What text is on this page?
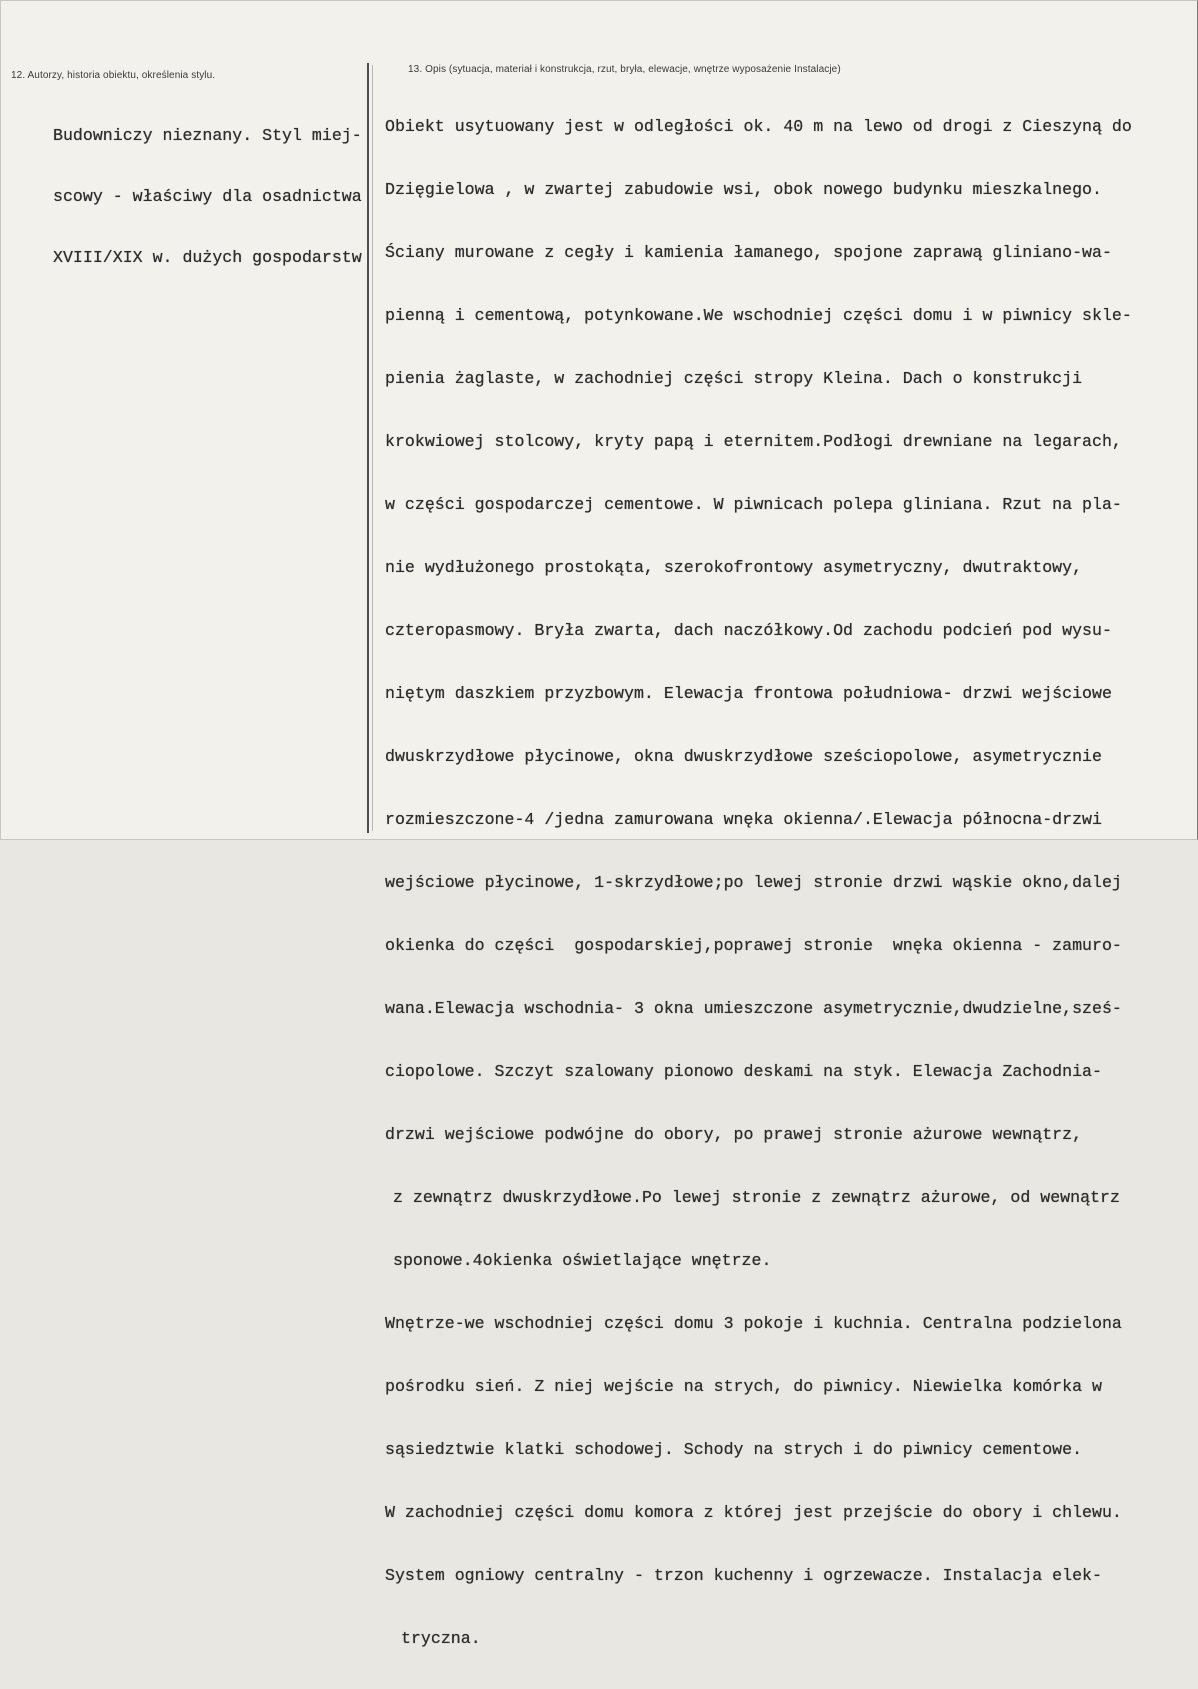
12. Autorzy, historia obiektu, określenia stylu.
13. Opis (sytuacja, materiał i konstrukcja, rzut, bryła, elewacje, wnętrze wyposażenie Instalacje)

Budowniczy nieznany. Styl miej-

scowy - właściwy dla osadnictwa

XVIII/XIX w. dużych gospodarstw

Obiekt usytuowany jest w odległości ok. 40 m na lewo od drogi z Cieszyną do

Dzięgielowa , w zwartej zabudowie wsi, obok nowego budynku mieszkalnego.

Ściany murowane z cegły i kamienia łamanego, spojone zaprawą gliniano-wa-

pienną i cementową, potynkowane.We wschodniej części domu i w piwnicy skle-

pienia żaglaste, w zachodniej części stropy Kleina. Dach o konstrukcji

krokwiowej stolcowy, kryty papą i eternitem.Podłogi drewniane na legarach,

w części gospodarczej cementowe. W piwnicach polepa gliniana. Rzut na pla-

nie wydłużonego prostokąta, szerokofrontowy asymetryczny, dwutraktowy,

czteropasmowy. Bryła zwarta, dach naczółkowy.Od zachodu podcień pod wysu-

niętym daszkiem przyzbowym. Elewacja frontowa południowa- drzwi wejściowe

dwuskrzydłowe płycinowe, okna dwuskrzydłowe sześciopolowe, asymetrycznie

rozmieszczone-4 /jedna zamurowana wnęka okienna/.Elewacja północna-drzwi

wejściowe płycinowe, 1-skrzydłowe;po lewej stronie drzwi wąskie okno,dalej

okienka do części  gospodarskiej,poprawej stronie  wnęka okienna - zamuro-

wana.Elewacja wschodnia- 3 okna umieszczone asymetrycznie,dwudzielne,sześ-

ciopolowe. Szczyt szalowany pionowo deskami na styk. Elewacja Zachodnia-

drzwi wejściowe podwójne do obory, po prawej stronie ażurowe wewnątrz,

z zewnątrz dwuskrzydłowe.Po lewej stronie z zewnątrz ażurowe, od wewnątrz

sponowe.4okienka oświetlające wnętrze.

Wnętrze-we wschodniej części domu 3 pokoje i kuchnia. Centralna podzielona

pośrodku sień. Z niej wejście na strych, do piwnicy. Niewielka komórka w

sąsiedztwie klatki schodowej. Schody na strych i do piwnicy cementowe.

W zachodniej części domu komora z której jest przejście do obory i chlewu.

System ogniowy centralny - trzon kuchenny i ogrzewacze. Instalacja elek-

tryczna.
